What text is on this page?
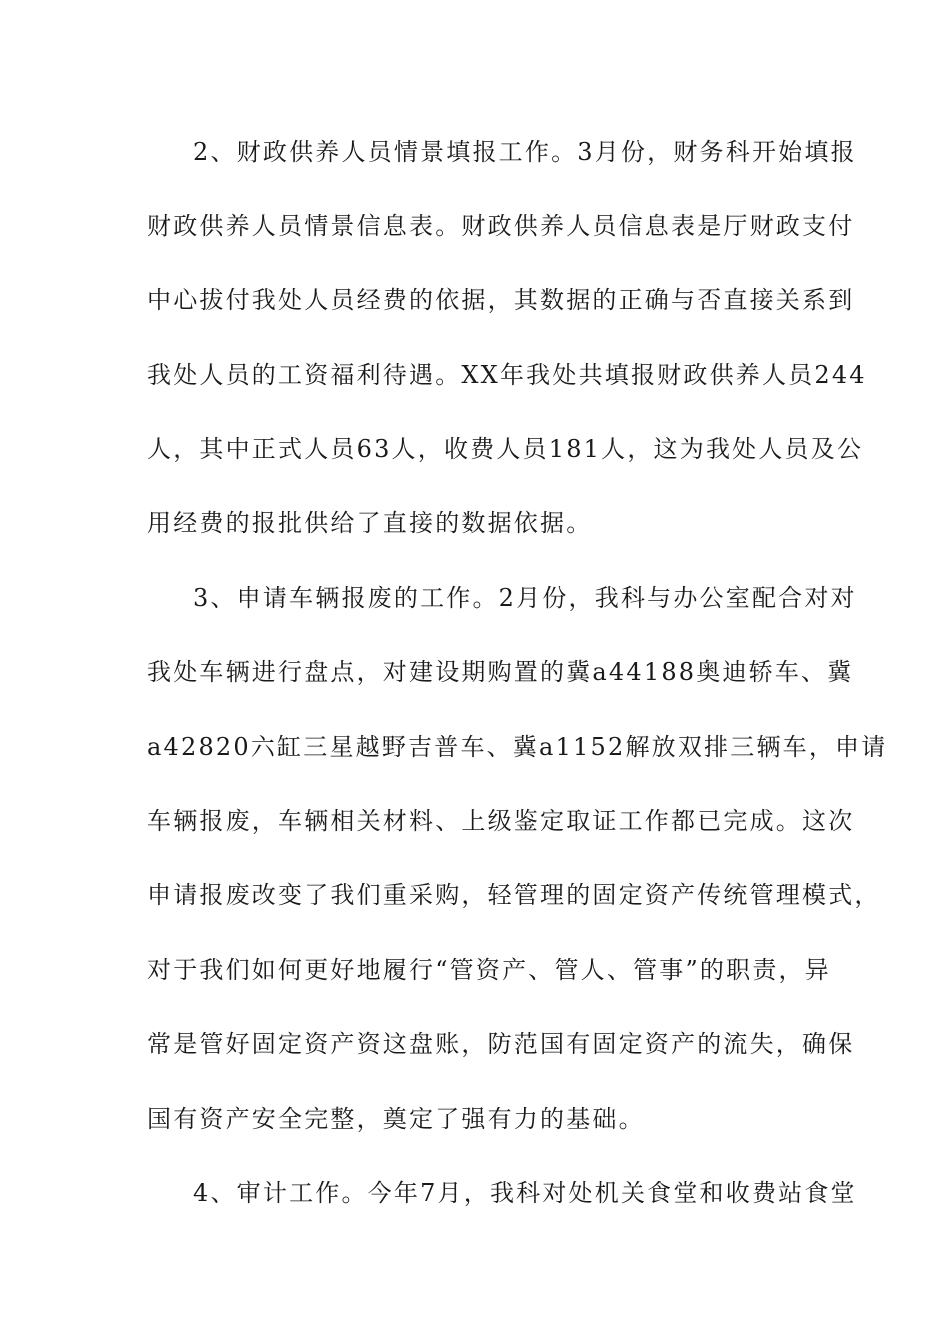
2、财政供养人员情景填报工作。3月份，财务科开始填报
财政供养人员情景信息表。财政供养人员信息表是厅财政支付
中心拔付我处人员经费的依据，其数据的正确与否直接关系到
我处人员的工资福利待遇。XX年我处共填报财政供养人员244
人，其中正式人员63人，收费人员181人，这为我处人员及公
用经费的报批供给了直接的数据依据。
3、申请车辆报废的工作。2月份，我科与办公室配合对对
我处车辆进行盘点，对建设期购置的冀a44188奥迪轿车、冀
a42820六缸三星越野吉普车、冀a1152解放双排三辆车，申请
车辆报废，车辆相关材料、上级鉴定取证工作都已完成。这次
申请报废改变了我们重采购，轻管理的固定资产传统管理模式，
对于我们如何更好地履行“管资产、管人、管事”的职责，异
常是管好固定资产资这盘账，防范国有固定资产的流失，确保
国有资产安全完整，奠定了强有力的基础。
4、审计工作。今年7月，我科对处机关食堂和收费站食堂
